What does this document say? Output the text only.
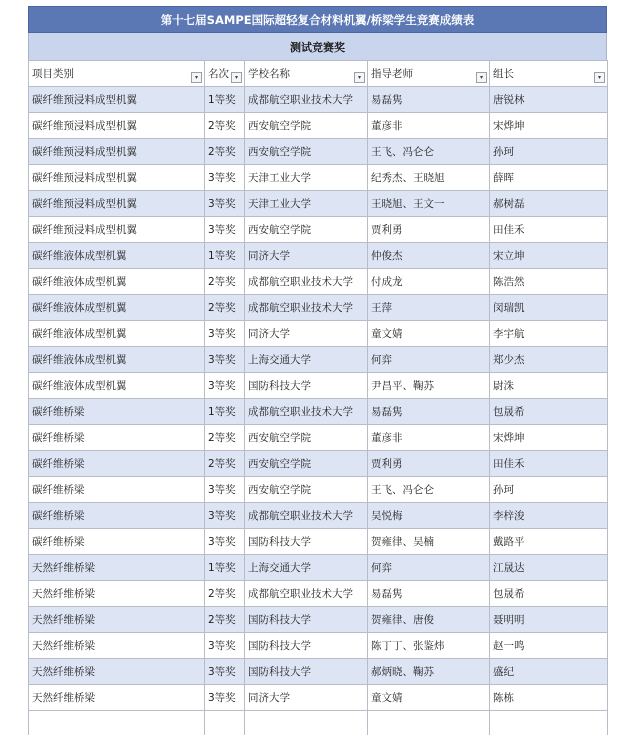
第十七届SAMPE国际超轻复合材料机翼/桥梁学生竞赛成绩表
测试竞赛奖
项目类别 ▾	名次 ▾	学校名称 ▾	指导老师 ▾	组长 ▾

碳纤维预浸料成型机翼	1等奖	成都航空职业技术大学	易磊隽	唐锐林
碳纤维预浸料成型机翼	2等奖	西安航空学院	董彦非	宋烨坤
碳纤维预浸料成型机翼	2等奖	西安航空学院	王飞、冯仑仑	孙珂
碳纤维预浸料成型机翼	3等奖	天津工业大学	纪秀杰、王晓旭	薛晖
碳纤维预浸料成型机翼	3等奖	天津工业大学	王晓旭、王文一	郝树磊
碳纤维预浸料成型机翼	3等奖	西安航空学院	贾利勇	田佳禾
碳纤维液体成型机翼	1等奖	同济大学	仲俊杰	宋立坤
碳纤维液体成型机翼	2等奖	成都航空职业技术大学	付成龙	陈浩然
碳纤维液体成型机翼	2等奖	成都航空职业技术大学	王萍	闵瑞凯
碳纤维液体成型机翼	3等奖	同济大学	童文婧	李宇航
碳纤维液体成型机翼	3等奖	上海交通大学	何弈	郑少杰
碳纤维液体成型机翼	3等奖	国防科技大学	尹昌平、鞠苏	尉洙
碳纤维桥梁	1等奖	成都航空职业技术大学	易磊隽	包晟希
碳纤维桥梁	2等奖	西安航空学院	董彦非	宋烨坤
碳纤维桥梁	2等奖	西安航空学院	贾利勇	田佳禾
碳纤维桥梁	3等奖	西安航空学院	王飞、冯仑仑	孙珂
碳纤维桥梁	3等奖	成都航空职业技术大学	吴悦梅	李梓浚
碳纤维桥梁	3等奖	国防科技大学	贺雍律、吴楠	戴路平
天然纤维桥梁	1等奖	上海交通大学	何弈	江晟达
天然纤维桥梁	2等奖	成都航空职业技术大学	易磊隽	包晟希
天然纤维桥梁	2等奖	国防科技大学	贺雍律、唐俊	聂明明
天然纤维桥梁	3等奖	国防科技大学	陈丁丁、张鉴炜	赵一鸣
天然纤维桥梁	3等奖	国防科技大学	郝炳晓、鞠苏	盛纪
天然纤维桥梁	3等奖	同济大学	童文婧	陈栋
